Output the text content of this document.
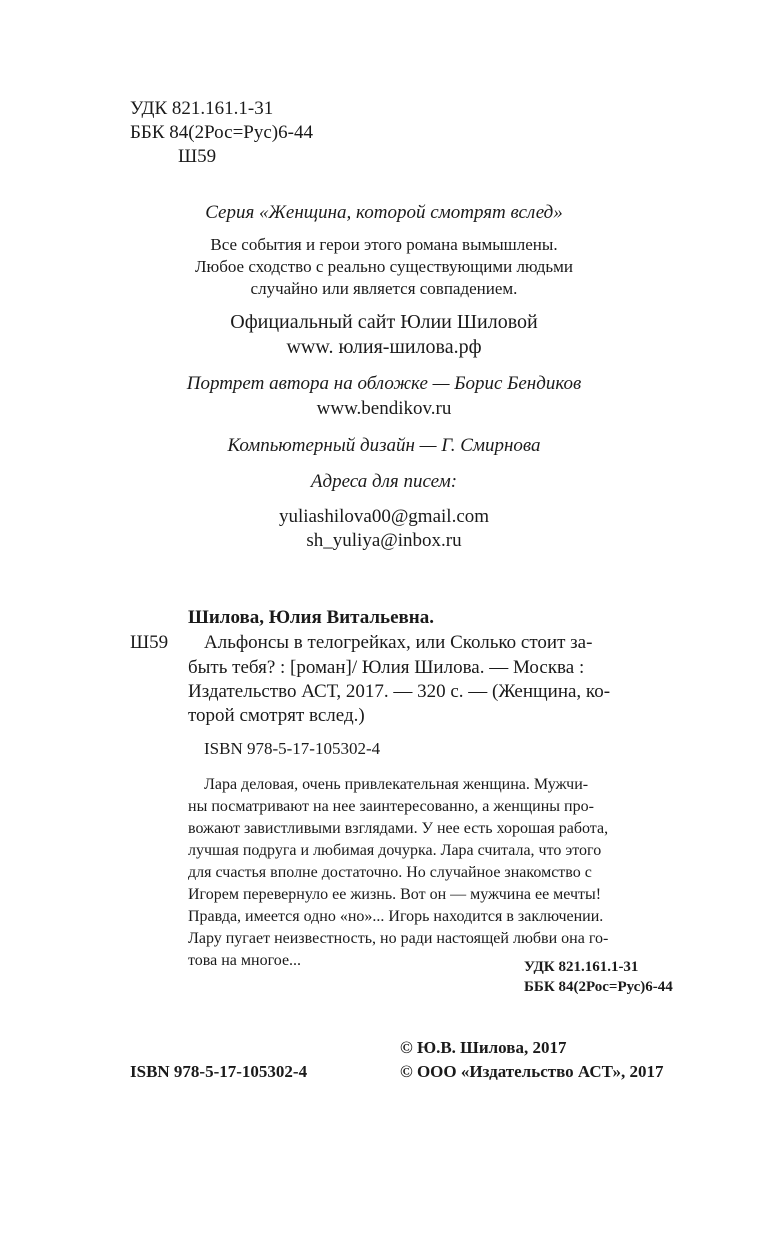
УДК 821.161.1-31
ББК 84(2Рос=Рус)6-44
Ш59
Серия «Женщина, которой смотрят вслед»
Все события и герои этого романа вымышлены.
Любое сходство с реально существующими людьми
случайно или является совпадением.
Официальный сайт Юлии Шиловой
www. юлия-шилова.рф
Портрет автора на обложке — Борис Бендиков
www.bendikov.ru
Компьютерный дизайн — Г. Смирнова
Адреса для писем:
yuliashilova00@gmail.com
sh_yuliya@inbox.ru
Шилова, Юлия Витальевна.
Ш59 Альфонсы в телогрейках, или Сколько стоит за-
быть тебя? : [роман]/ Юлия Шилова. — Москва :
Издательство АСТ, 2017. — 320 с. — (Женщина, ко-
торой смотрят вслед.)
ISBN 978-5-17-105302-4
Лара деловая, очень привлекательная женщина. Мужчи-
ны посматривают на нее заинтересованно, а женщины про-
вожают завистливыми взглядами. У нее есть хорошая работа,
лучшая подруга и любимая дочурка. Лара считала, что этого
для счастья вполне достаточно. Но случайное знакомство с
Игорем перевернуло ее жизнь. Вот он — мужчина ее мечты!
Правда, имеется одно «но»... Игорь находится в заключении.
Лару пугает неизвестность, но ради настоящей любви она го-
това на многое...	УДК 821.161.1-31
ББК 84(2Рос=Рус)6-44
© Ю.В. Шилова, 2017
ISBN 978-5-17-105302-4	© ООО «Издательство АСТ», 2017
